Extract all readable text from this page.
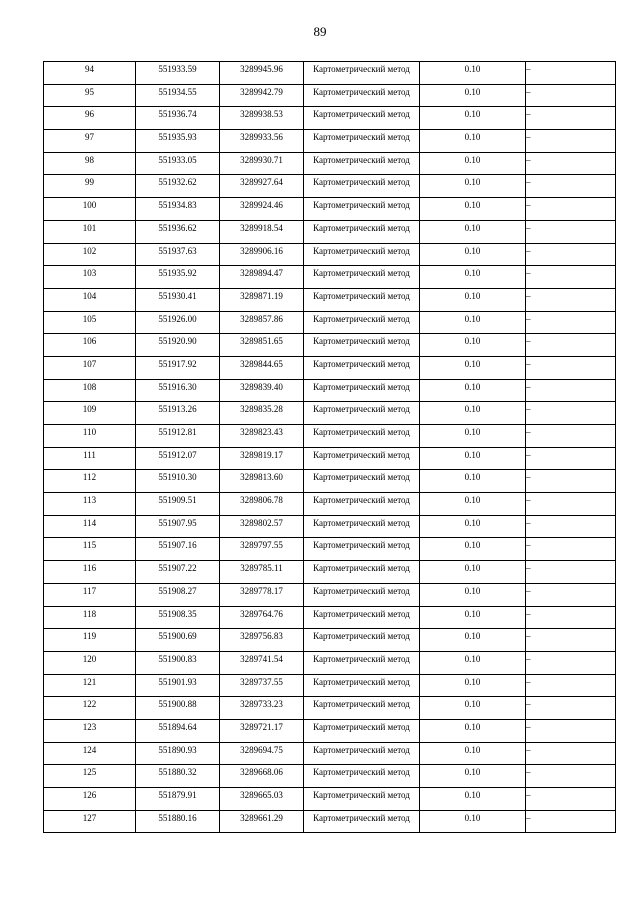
89
94	551933.59	3289945.96	Картометрический метод	0.10	–

95	551934.55	3289942.79	Картометрический метод	0.10	–

96	551936.74	3289938.53	Картометрический метод	0.10	–

97	551935.93	3289933.56	Картометрический метод	0.10	–

98	551933.05	3289930.71	Картометрический метод	0.10	–

99	551932.62	3289927.64	Картометрический метод	0.10	–

100	551934.83	3289924.46	Картометрический метод	0.10	–

101	551936.62	3289918.54	Картометрический метод	0.10	–

102	551937.63	3289906.16	Картометрический метод	0.10	–

103	551935.92	3289894.47	Картометрический метод	0.10	–

104	551930.41	3289871.19	Картометрический метод	0.10	–

105	551926.00	3289857.86	Картометрический метод	0.10	–

106	551920.90	3289851.65	Картометрический метод	0.10	–

107	551917.92	3289844.65	Картометрический метод	0.10	–

108	551916.30	3289839.40	Картометрический метод	0.10	–

109	551913.26	3289835.28	Картометрический метод	0.10	–

110	551912.81	3289823.43	Картометрический метод	0.10	–

111	551912.07	3289819.17	Картометрический метод	0.10	–

112	551910.30	3289813.60	Картометрический метод	0.10	–

113	551909.51	3289806.78	Картометрический метод	0.10	–

114	551907.95	3289802.57	Картометрический метод	0.10	–

115	551907.16	3289797.55	Картометрический метод	0.10	–

116	551907.22	3289785.11	Картометрический метод	0.10	–

117	551908.27	3289778.17	Картометрический метод	0.10	–

118	551908.35	3289764.76	Картометрический метод	0.10	–

119	551900.69	3289756.83	Картометрический метод	0.10	–

120	551900.83	3289741.54	Картометрический метод	0.10	–

121	551901.93	3289737.55	Картометрический метод	0.10	–

122	551900.88	3289733.23	Картометрический метод	0.10	–

123	551894.64	3289721.17	Картометрический метод	0.10	–

124	551890.93	3289694.75	Картометрический метод	0.10	–

125	551880.32	3289668.06	Картометрический метод	0.10	–

126	551879.91	3289665.03	Картометрический метод	0.10	–

127	551880.16	3289661.29	Картометрический метод	0.10	–
